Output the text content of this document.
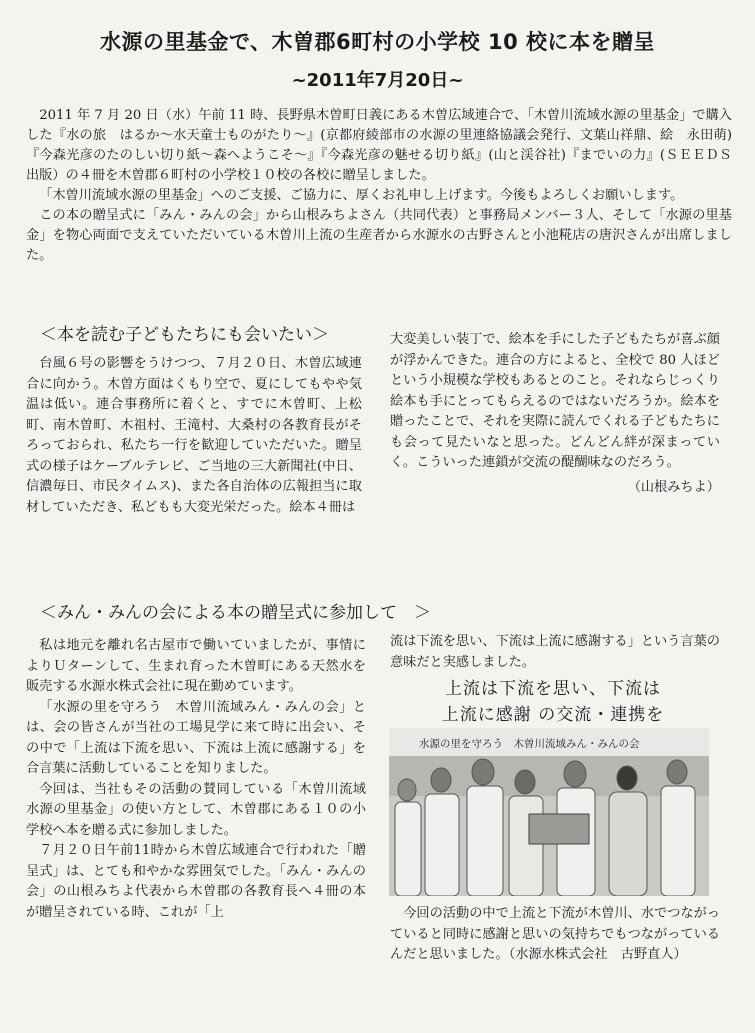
水源の里基金で、木曽郡6町村の小学校 10 校に本を贈呈
~2011年7月20日~

2011 年 7 月 20 日（水）午前 11 時、長野県木曽町日義にある木曽広域連合で、「木曽川流域水源の里基金」で購入した『水の旅　はるか～水天童士ものがたり～』(京都府綾部市の水源の里連絡協議会発行、文葉山祥鼎、絵　永田萌)『今森光彦のたのしい切り紙～森へようこそ～』『今森光彦の魅せる切り紙』(山と渓谷社)『までいの力』(ＳＥＥＤＳ出版）の４冊を木曽郡６町村の小学校１０校の各校に贈呈しました。

「木曽川流域水源の里基金」へのご支援、ご協力に、厚くお礼申し上げます。今後もよろしくお願いします。

この本の贈呈式に「みん・みんの会」から山根みちよさん（共同代表）と事務局メンバー３人、そして「水源の里基金」を物心両面で支えていただいている木曽川上流の生産者から水源水の古野さんと小池糀店の唐沢さんが出席しました。

＜本を読む子どもたちにも会いたい＞

台風６号の影響をうけつつ、７月２０日、木曽広域連合に向かう。木曽方面はくもり空で、夏にしてもやや気温は低い。連合事務所に着くと、すでに木曽町、上松町、南木曽町、木祖村、王滝村、大桑村の各教育長がそろっておられ、私たち一行を歓迎していただいた。贈呈式の様子はケーブルテレビ、ご当地の三大新聞社(中日、信濃毎日、市民タイムス)、また各自治体の広報担当に取材していただき、私どもも大変光栄だった。絵本４冊は

大変美しい装丁で、絵本を手にした子どもたちが喜ぶ顔が浮かんできた。連合の方によると、全校で 80 人ほどという小規模な学校もあるとのこと。それならじっくり絵本も手にとってもらえるのではないだろうか。絵本を贈ったことで、それを実際に読んでくれる子どもたちにも会って見たいなと思った。どんどん絆が深まっていく。こういった連鎖が交流の醍醐味なのだろう。

（山根みちよ）
＜みん・みんの会による本の贈呈式に参加して　＞

私は地元を離れ名古屋市で働いていましたが、事情によりＵターンして、生まれ育った木曽町にある天然水を販売する水源水株式会社に現在勤めています。

「水源の里を守ろう　木曽川流域みん・みんの会」とは、会の皆さんが当社の工場見学に来て時に出会い、その中で「上流は下流を思い、下流は上流に感謝する」を合言葉に活動していることを知りました。

今回は、当社もその活動の賛同している「木曽川流域水源の里基金」の使い方として、木曽郡にある１０の小学校へ本を贈る式に参加しました。

７月２０日午前11時から木曽広域連合で行われた「贈呈式」は、とても和やかな雰囲気でした。「みん・みんの会」の山根みちよ代表から木曽郡の各教育長へ４冊の本が贈呈されている時、これが「上

流は下流を思い、下流は上流に感謝する」という言葉の意味だと実感しました。

上流は下流を思い、下流は
上流に感謝 の交流・連携を
水源の里を守ろう　木曽川流域みん・みんの会

今回の活動の中で上流と下流が木曽川、水でつながっていると同時に感謝と思いの気持ちでもつながっているんだと思いました。（水源水株式会社　古野直人）
